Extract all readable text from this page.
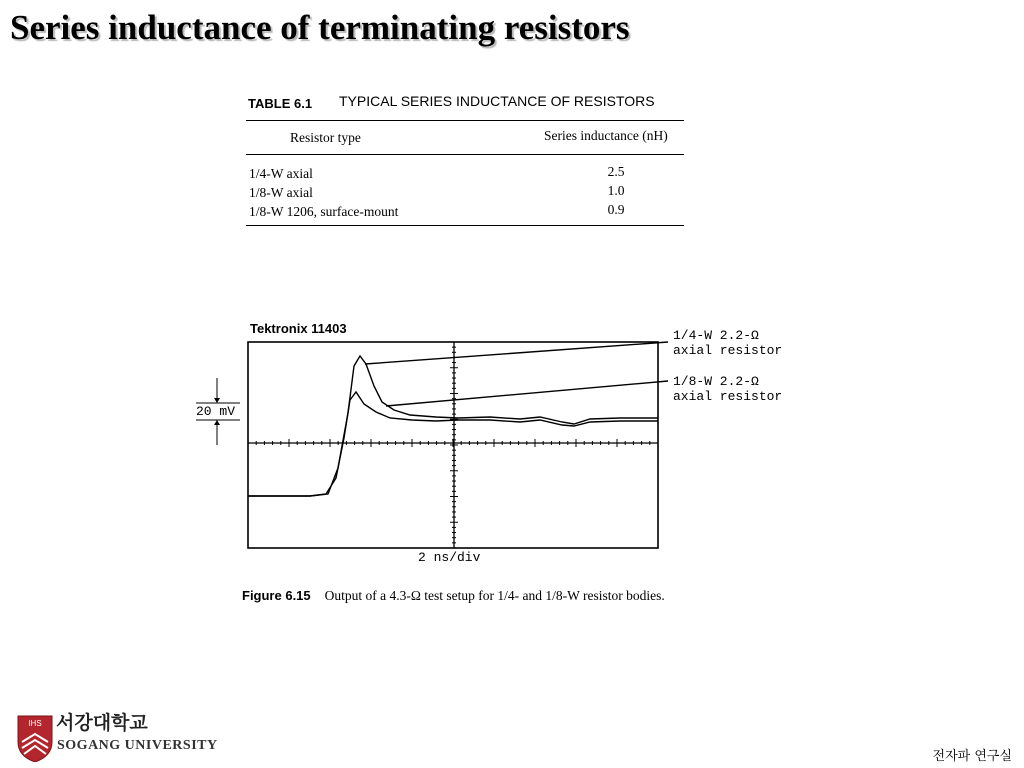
Series inductance of terminating resistors
TABLE 6.1 TYPICAL SERIES INDUCTANCE OF RESISTORS
Resistor type	Series inductance (nH)
1/4-W axial	2.5
1/8-W axial	1.0
1/8-W 1206, surface-mount	0.9
Tektronix 11403
20 mV
2 ns/div
1/4-W 2.2-Ω
axial resistor
1/8-W 2.2-Ω
axial resistor
Figure 6.15 Output of a 4.3-Ω test setup for 1/4- and 1/8-W resistor bodies.
IHS 서강대학교
SOGANG UNIVERSITY
전자파 연구실
